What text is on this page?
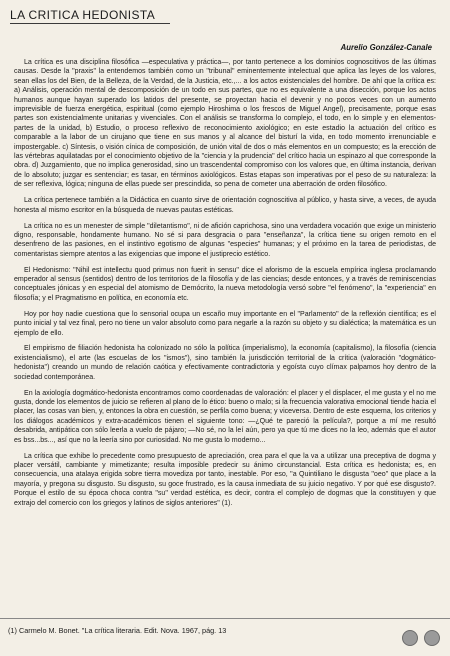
LA CRITICA HEDONISTA
Aurelio González-Canale

La crítica es una disciplina filosófica —especulativa y práctica—, por tanto pertenece a los dominios cognoscitivos de las últimas causas. Desde la "praxis" la entendemos también como un "tribunal" eminentemente intelectual que aplica las leyes de los valores, sean ellas los del Bien, de la Belleza, de la Verdad, de la Justicia, etc.,... a los actos existenciales del hombre. De ahí que la crítica es: a) Análisis, operación mental de descomposición de un todo en sus partes, que no es equivalente a una disección, porque los actos humanos aunque hayan superado los latidos del presente, se proyectan hacia el devenir y no pocos veces con un aumento imprevisible de fuerza energética, espiritual (como ejemplo Hiroshima o los frescos de Miguel Angel), precisamente, porque esas partes son existencialmente unitarias y vivenciales. Con el análisis se transforma lo complejo, el todo, en lo simple y en elementos-partes de la unidad, b) Estudio, o proceso reflexivo de reconocimiento axiológico; en este estadio la actuación del crítico es comparable a la labor de un cirujano que tiene en sus manos y al alcance del bisturí la vida, en todo momento irrenunciable e impostergable. c) Síntesis, o visión cínica de composición, de unión vital de dos o más elementos en un compuesto; es la erección de las vértebras aquilatadas por el conocimiento objetivo de la "ciencia y la prudencia" del crítico hacia un espinazo al que corresponde la obra. d) Juzgamiento, que no implica generosidad, sino un trascendental compromiso con los valores que, en última instancia, derivan de lo absoluto; juzgar es sentenciar; es tasar, en términos axiológicos. Estas etapas son imperativas por el peso de su naturaleza: la de ser reflexiva, lógica; ninguna de ellas puede ser prescindida, so pena de cometer una aberración de orden filosófico.

La crítica pertenece también a la Didáctica en cuanto sirve de orientación cognoscitiva al público, y hasta sirve, a veces, de ayuda honesta al mismo escritor en la búsqueda de nuevas pautas estéticas.

La crítica no es un menester de simple "diletantismo", ni de afición caprichosa, sino una verdadera vocación que exige un ministerio digno, responsable, hondamente humano. No sé si para desgracia o para "enseñanza", la crítica tiene su origen remoto en el desenfreno de las pasiones, en el instintivo egotismo de algunas "especies" humanas; y el próximo en la tarea de periodistas, de comentaristas siempre atentos a las exigencias que impone el justiprecio estético.

El Hedonismo: "Nihil est intellectu quod primus non fuerit in sensu" dice el aforismo de la escuela empírica inglesa proclamando emperador al sensus (sentidos) dentro de los territorios de la filosofía y de las ciencias; desde entonces, y a través de reminiscencias conceptuales jónicas y en especial del atomismo de Demócrito, la nueva metodología versó sobre "el fenómeno", la "experiencia" en filosofía; y el Pragmatismo en política, en economía etc.

Hoy por hoy nadie cuestiona que lo sensorial ocupa un escaño muy importante en el "Parlamento" de la reflexión científica; es el punto inicial y tal vez final, pero no tiene un valor absoluto como para negarle a la razón su objeto y su dialéctica; la matemática es un ejemplo de ello.

El empirismo de filiación hedonista ha colonizado no sólo la política (imperialismo), la economía (capitalismo), la filosofía (ciencia existencialismo), el arte (las escuelas de los "ismos"), sino también la jurisdicción territorial de la crítica (valoración "dogmático-hedonista") creando un mundo de relación caótica y efectivamente contradictoria y egoísta cuyo clímax palpamos hoy dentro de la sociedad contemporánea.

En la axiología dogmático-hedonista encontramos como coordenadas de valoración: el placer y el displacer, el me gusta y el no me gusta, donde los elementos de juicio se refieren al plano de lo ético: bueno o malo; si la frecuencia valorativa emocional tiende hacia el placer, las cosas van bien, y, entonces la obra en cuestión, se perfila como buena; y viceversa. Dentro de este esquema, los criterios y los diálogos académicos y extra-académicos tienen el siguiente tono: —¿Qué te pareció la película?, porque a mí me resultó desabrida, antipática con sólo leerla a vuelo de pájaro; —No sé, no la leí aún, pero ya que tú me dices no la leo, además que el autor es bss...bs..., así que no la leería sino por curiosidad. No me gusta lo moderno...

La crítica que exhibe lo precedente como presupuesto de apreciación, crea para el que la va a utilizar una preceptiva de dogma y placer versátil, cambiante y mimetizante; resulta imposible predecir su ánimo circunstancial. Esta crítica es hedonista; es, en consecuencia, una atalaya erigida sobre tierra movediza por tanto, inestable. Por eso, "a Quintiliano le disgusta "oeo" que place a la mayoría, y pregona su disgusto. Su disgusto, su goce frustrado, es la causa inmediata de su juicio negativo. Y por qué ese disgusto?. Porque el estilo de su época choca contra "su" verdad estética, es decir, contra el complejo de dogmas que la constituyen y que extrajo del comercio con los griegos y latinos de siglos anteriores" (1).

(1) Carmelo M. Bonet. "La crítica literaria. Edit. Nova. 1967, pág. 13
